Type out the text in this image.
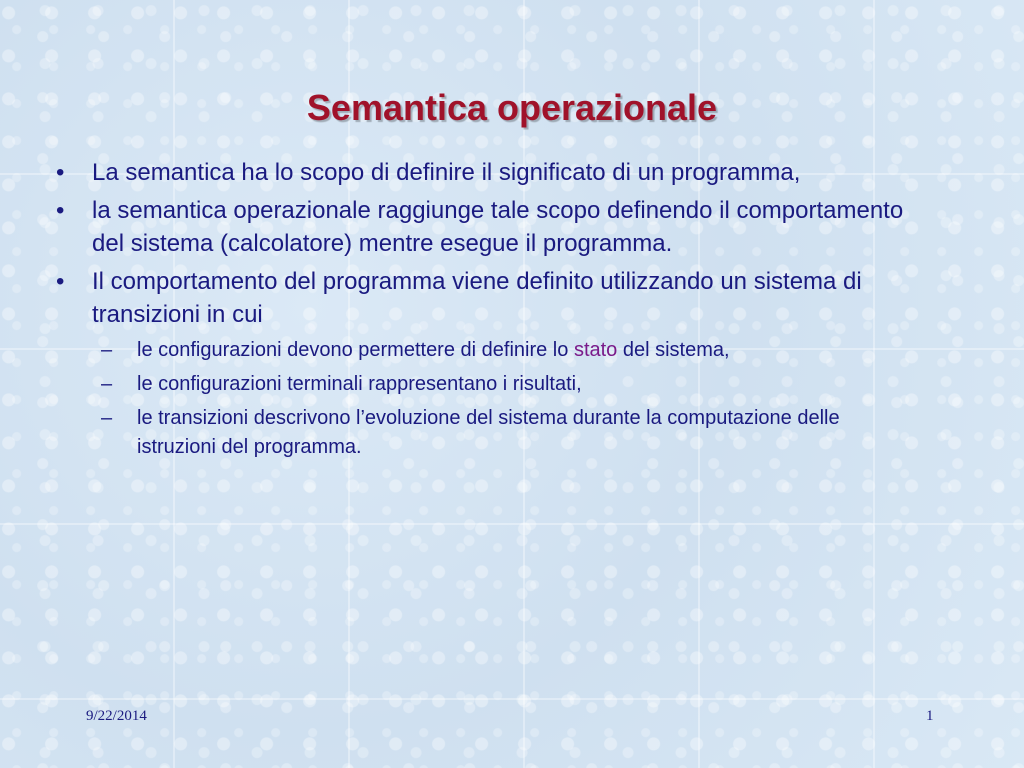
Semantica operazionale
•	La semantica ha lo scopo di definire il significato di un programma,
•	la semantica operazionale raggiunge tale scopo definendo il comportamento del sistema (calcolatore) mentre esegue il programma.
•	Il comportamento del programma viene definito utilizzando un sistema di transizioni in cui
– le configurazioni devono permettere di definire lo stato del sistema,
– le configurazioni terminali rappresentano i risultati,
– le transizioni descrivono l’evoluzione del sistema durante la computazione delle istruzioni del programma.
9/22/2014	1
